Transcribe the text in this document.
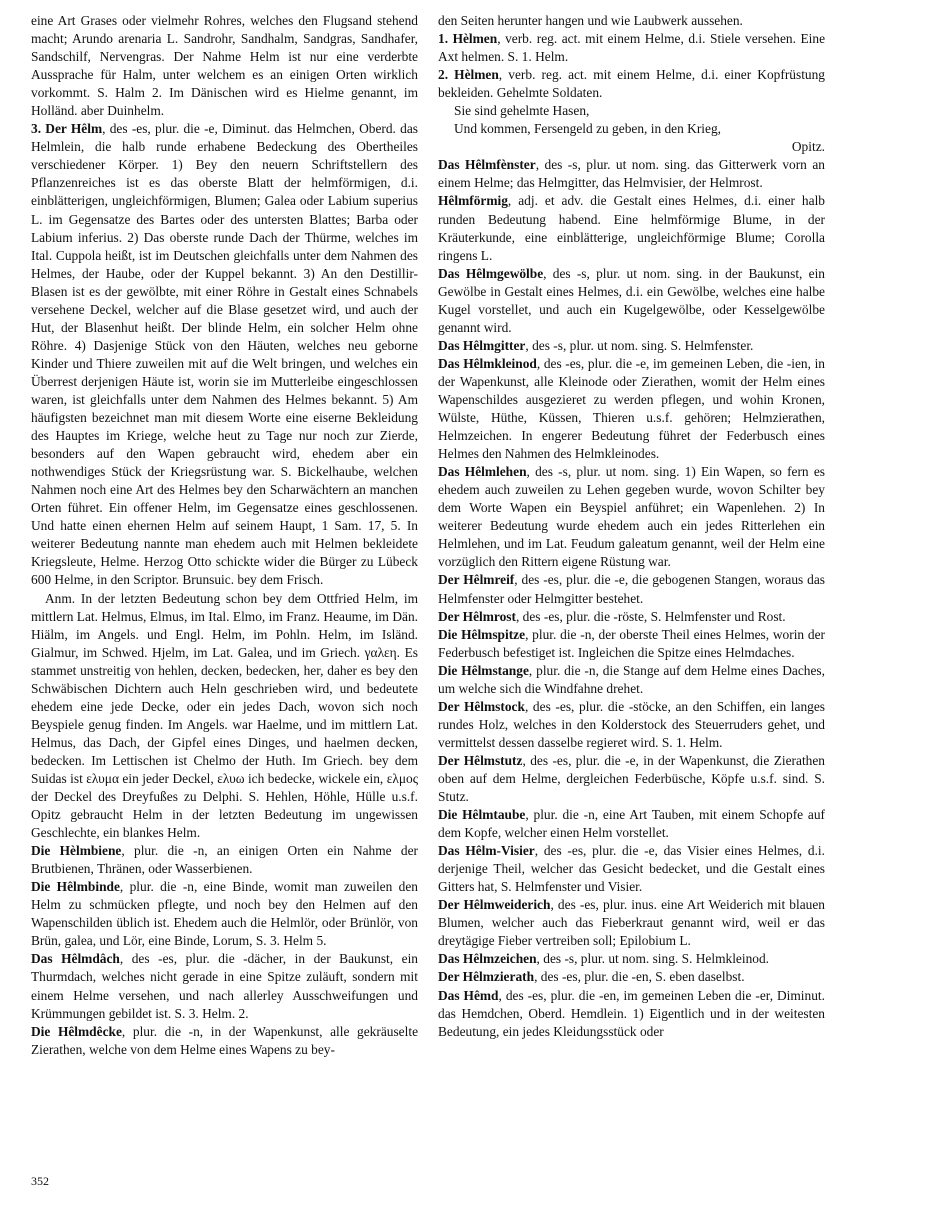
eine Art Grases oder vielmehr Rohres, welches den Flugsand stehend macht; Arundo arenaria L. Sandrohr, Sandhalm, Sandgras, Sandhafer, Sandschilf, Nervengras. Der Nahme Helm ist nur eine verderbte Aussprache für Halm, unter welchem es an einigen Orten wirklich vorkommt. S. Halm 2. Im Dänischen wird es Hielme genannt, im Holländ. aber Duinhelm.

3. Der Hêlm, des -es, plur. die -e, Diminut. das Helmchen, Oberd. das Helmlein, die halb runde erhabene Bedeckung des Obertheiles verschiedener Körper. 1) Bey den neuern Schriftstellern des Pflanzenreiches ist es das oberste Blatt der helmförmigen, d.i. einblätterigen, ungleichförmigen, Blumen; Galea oder Labium superius L. im Gegensatze des Bartes oder des untersten Blattes; Barba oder Labium inferius. 2) Das oberste runde Dach der Thürme, welches im Ital. Cuppola heißt, ist im Deutschen gleichfalls unter dem Nahmen des Helmes, der Haube, oder der Kuppel bekannt. 3) An den Destillir-Blasen ist es der gewölbte, mit einer Röhre in Gestalt eines Schnabels versehene Deckel, welcher auf die Blase gesetzet wird, und auch der Hut, der Blasenhut heißt. Der blinde Helm, ein solcher Helm ohne Röhre. 4) Dasjenige Stück von den Häuten, welches neu geborne Kinder und Thiere zuweilen mit auf die Welt bringen, und welches ein Überrest derjenigen Häute ist, worin sie im Mutterleibe eingeschlossen waren, ist gleichfalls unter dem Nahmen des Helmes bekannt. 5) Am häufigsten bezeichnet man mit diesem Worte eine eiserne Bekleidung des Hauptes im Kriege, welche heut zu Tage nur noch zur Zierde, besonders auf den Wapen gebraucht wird, ehedem aber ein nothwendiges Stück der Kriegsrüstung war. S. Bickelhaube, welchen Nahmen noch eine Art des Helmes bey den Scharwächtern an manchen Orten führet. Ein offener Helm, im Gegensatze eines geschlossenen. Und hatte einen ehernen Helm auf seinem Haupt, 1 Sam. 17, 5. In weiterer Bedeutung nannte man ehedem auch mit Helmen bekleidete Kriegsleute, Helme. Herzog Otto schickte wider die Bürger zu Lübeck 600 Helme, in den Scriptor. Brunsuic. bey dem Frisch.

Anm. In der letzten Bedeutung schon bey dem Ottfried Helm, im mittlern Lat. Helmus, Elmus, im Ital. Elmo, im Franz. Heaume, im Dän. Hiälm, im Angels. und Engl. Helm, im Pohln. Helm, im Isländ. Gialmur, im Schwed. Hjelm, im Lat. Galea, und im Griech. γαλεη. Es stammet unstreitig von hehlen, decken, bedecken, her, daher es bey den Schwäbischen Dichtern auch Heln geschrieben wird, und bedeutete ehedem eine jede Decke, oder ein jedes Dach, wovon sich noch Beyspiele genug finden. Im Angels. war Haelme, und im mittlern Lat. Helmus, das Dach, der Gipfel eines Dinges, und haelmen decken, bedecken. Im Lettischen ist Chelmo der Huth. Im Griech. bey dem Suidas ist ελυμα ein jeder Deckel, ελυω ich bedecke, wickele ein, ελμος der Deckel des Dreyfußes zu Delphi. S. Hehlen, Höhle, Hülle u.s.f. Opitz gebraucht Helm in der letzten Bedeutung im ungewissen Geschlechte, ein blankes Helm.

Die Hèlmbiene, plur. die -n, an einigen Orten ein Nahme der Brutbienen, Thränen, oder Wasserbienen.

Die Hêlmbinde, plur. die -n, eine Binde, womit man zuweilen den Helm zu schmücken pflegte, und noch bey den Helmen auf den Wapenschilden üblich ist. Ehedem auch die Helmlör, oder Brünlör, von Brün, galea, und Lör, eine Binde, Lorum, S. 3. Helm 5.

Das Hêlmdâch, des -es, plur. die -dächer, in der Baukunst, ein Thurmdach, welches nicht gerade in eine Spitze zuläuft, sondern mit einem Helme versehen, und nach allerley Ausschweifungen und Krümmungen gebildet ist. S. 3. Helm. 2.

Die Hêlmdêcke, plur. die -n, in der Wapenkunst, alle gekräuselte Zierathen, welche von dem Helme eines Wapens zu bey-

den Seiten herunter hangen und wie Laubwerk aussehen.

1. Hèlmen, verb. reg. act. mit einem Helme, d.i. Stiele versehen. Eine Axt helmen. S. 1. Helm.

2. Hèlmen, verb. reg. act. mit einem Helme, d.i. einer Kopfrüstung bekleiden. Gehelmte Soldaten.

Sie sind gehelmte Hasen,

Und kommen, Fersengeld zu geben, in den Krieg,

Opitz.

Das Hêlmfènster, des -s, plur. ut nom. sing. das Gitterwerk vorn an einem Helme; das Helmgitter, das Helmvisier, der Helmrost.

Hêlmförmig, adj. et adv. die Gestalt eines Helmes, d.i. einer halb runden Bedeutung habend. Eine helmförmige Blume, in der Kräuterkunde, eine einblätterige, ungleichförmige Blume; Corolla ringens L.

Das Hêlmgewölbe, des -s, plur. ut nom. sing. in der Baukunst, ein Gewölbe in Gestalt eines Helmes, d.i. ein Gewölbe, welches eine halbe Kugel vorstellet, und auch ein Kugelgewölbe, oder Kesselgewölbe genannt wird.

Das Hêlmgitter, des -s, plur. ut nom. sing. S. Helmfenster.

Das Hêlmkleinod, des -es, plur. die -e, im gemeinen Leben, die -ien, in der Wapenkunst, alle Kleinode oder Zierathen, womit der Helm eines Wapenschildes ausgezieret zu werden pflegen, und wohin Kronen, Wülste, Hüthe, Küssen, Thieren u.s.f. gehören; Helmzierathen, Helmzeichen. In engerer Bedeutung führet der Federbusch eines Helmes den Nahmen des Helmkleinodes.

Das Hêlmlehen, des -s, plur. ut nom. sing. 1) Ein Wapen, so fern es ehedem auch zuweilen zu Lehen gegeben wurde, wovon Schilter bey dem Worte Wapen ein Beyspiel anführet; ein Wapenlehen. 2) In weiterer Bedeutung wurde ehedem auch ein jedes Ritterlehen ein Helmlehen, und im Lat. Feudum galeatum genannt, weil der Helm eine vorzüglich den Rittern eigene Rüstung war.

Der Hêlmreif, des -es, plur. die -e, die gebogenen Stangen, woraus das Helmfenster oder Helmgitter bestehet.

Der Hêlmrost, des -es, plur. die -röste, S. Helmfenster und Rost.

Die Hêlmspitze, plur. die -n, der oberste Theil eines Helmes, worin der Federbusch befestiget ist. Ingleichen die Spitze eines Helmdaches.

Die Hêlmstange, plur. die -n, die Stange auf dem Helme eines Daches, um welche sich die Windfahne drehet.

Der Hêlmstock, des -es, plur. die -stöcke, an den Schiffen, ein langes rundes Holz, welches in den Kolderstock des Steuerruders gehet, und vermittelst dessen dasselbe regieret wird. S. 1. Helm.

Der Hêlmstutz, des -es, plur. die -e, in der Wapenkunst, die Zierathen oben auf dem Helme, dergleichen Federbüsche, Köpfe u.s.f. sind. S. Stutz.

Die Hêlmtaube, plur. die -n, eine Art Tauben, mit einem Schopfe auf dem Kopfe, welcher einen Helm vorstellet.

Das Hêlm-Visier, des -es, plur. die -e, das Visier eines Helmes, d.i. derjenige Theil, welcher das Gesicht bedecket, und die Gestalt eines Gitters hat, S. Helmfenster und Visier.

Der Hêlmweiderich, des -es, plur. inus. eine Art Weiderich mit blauen Blumen, welcher auch das Fieberkraut genannt wird, weil er das dreytägige Fieber vertreiben soll; Epilobium L.

Das Hêlmzeichen, des -s, plur. ut nom. sing. S. Helmkleinod.

Der Hêlmzierath, des -es, plur. die -en, S. eben daselbst.

Das Hêmd, des -es, plur. die -en, im gemeinen Leben die -er, Diminut. das Hemdchen, Oberd. Hemdlein. 1) Eigentlich und in der weitesten Bedeutung, ein jedes Kleidungsstück oder

352
